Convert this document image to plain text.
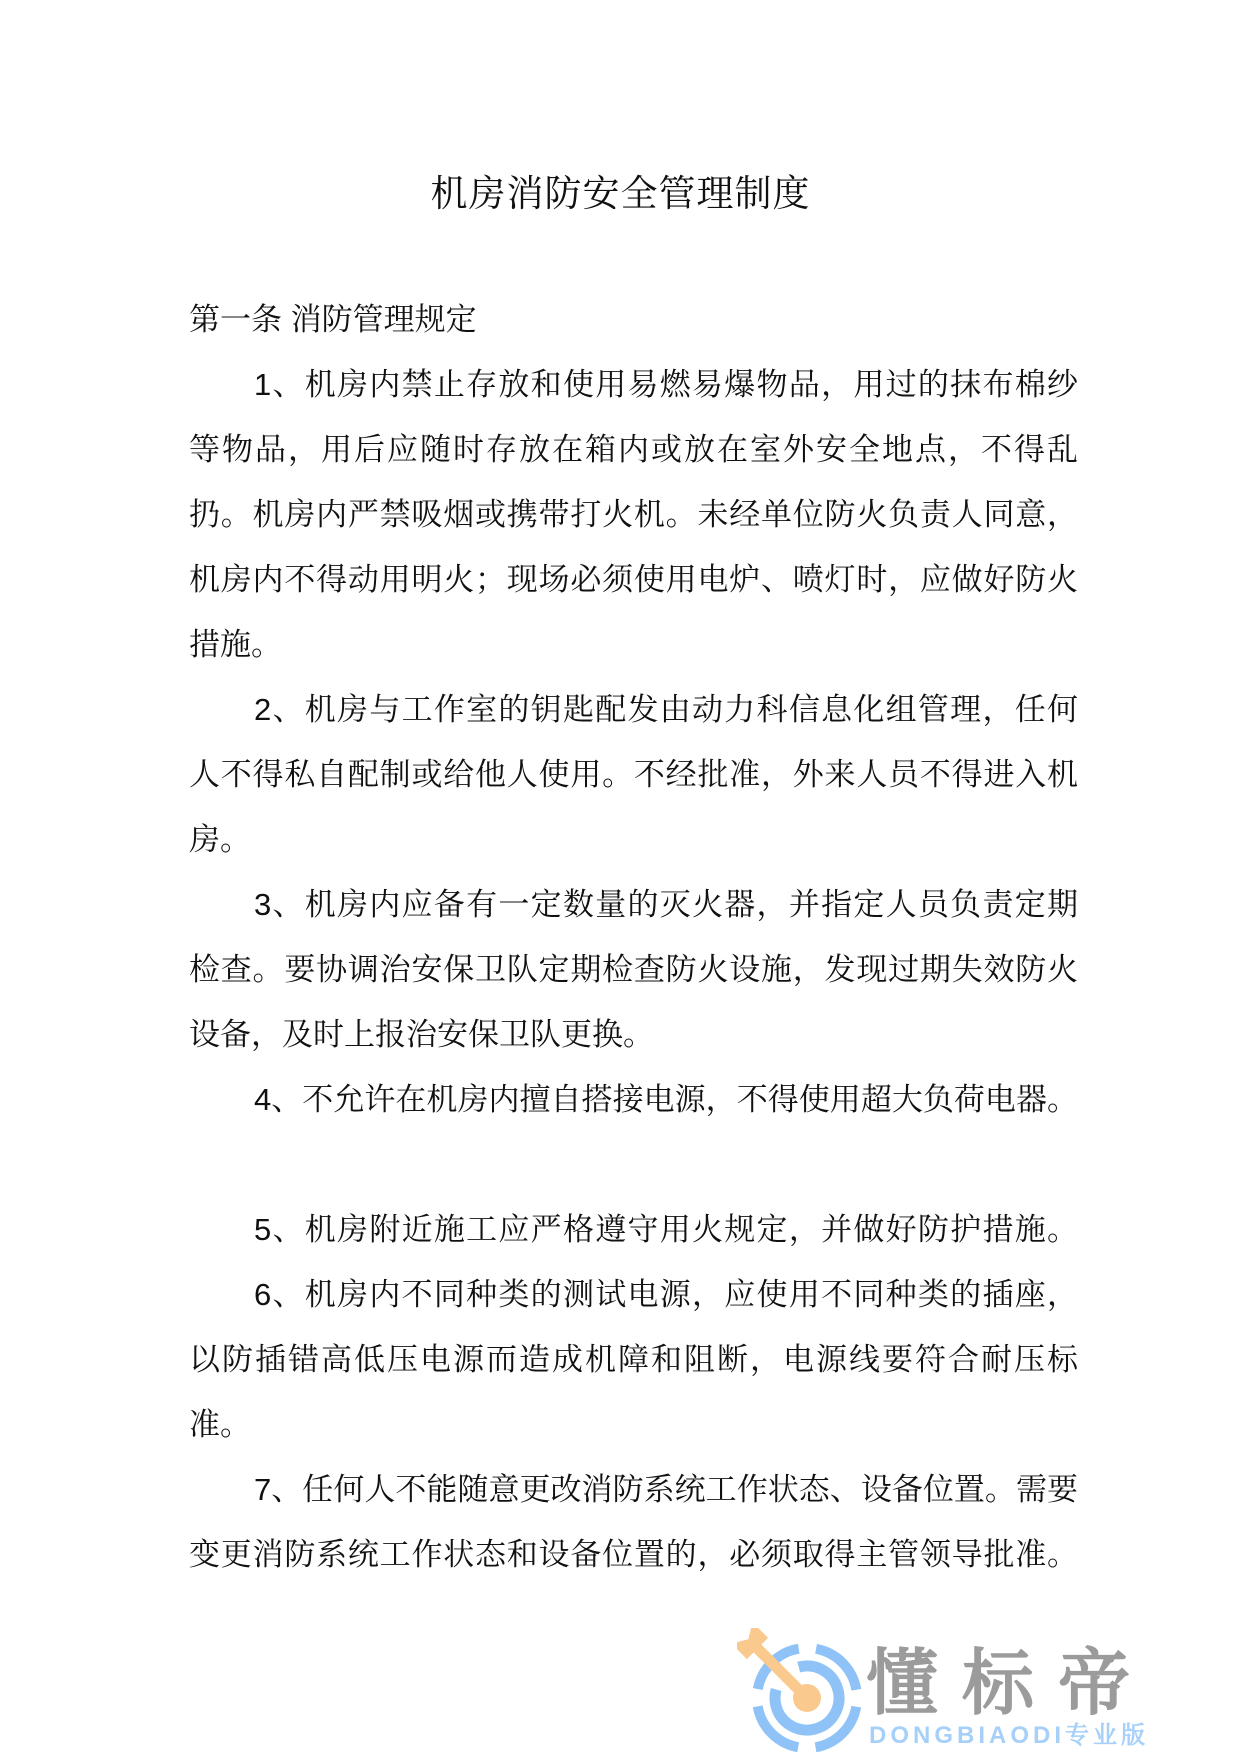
机房消防安全管理制度
第一条 消防管理规定
1、机房内禁止存放和使用易燃易爆物品，用过的抹布棉纱
等物品，用后应随时存放在箱内或放在室外安全地点，不得乱
扔。机房内严禁吸烟或携带打火机。未经单位防火负责人同意，
机房内不得动用明火；现场必须使用电炉、喷灯时，应做好防火
措施。
2、机房与工作室的钥匙配发由动力科信息化组管理，任何
人不得私自配制或给他人使用。不经批准，外来人员不得进入机
房。
3、机房内应备有一定数量的灭火器，并指定人员负责定期
检查。要协调治安保卫队定期检查防火设施，发现过期失效防火
设备，及时上报治安保卫队更换。
4、不允许在机房内擅自搭接电源，不得使用超大负荷电器。
5、机房附近施工应严格遵守用火规定，并做好防护措施。
6、机房内不同种类的测试电源，应使用不同种类的插座，
以防插错高低压电源而造成机障和阻断，电源线要符合耐压标
准。
7、任何人不能随意更改消防系统工作状态、设备位置。需要
变更消防系统工作状态和设备位置的，必须取得主管领导批准。
懂标帝
DONGBIAODI专业版
